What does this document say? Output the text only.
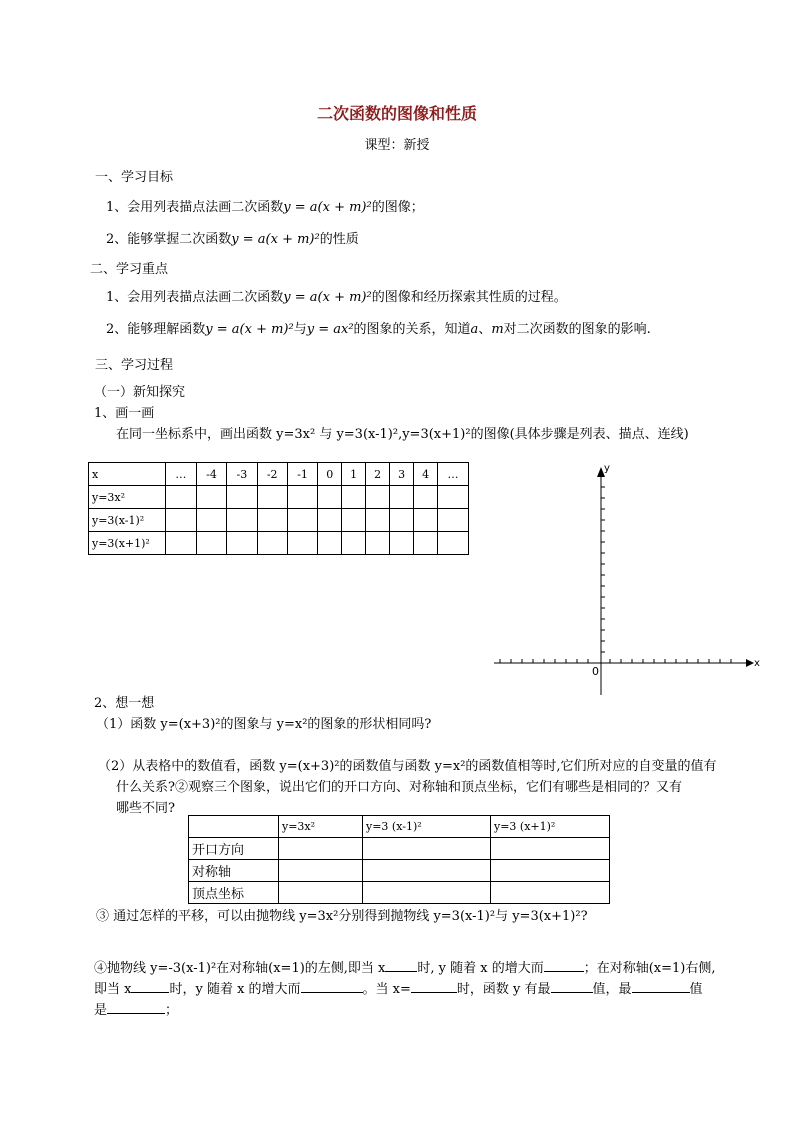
二次函数的图像和性质
课型：新授
一、学习目标
1、会用列表描点法画二次函数y = a(x + m)²的图像；
2、能够掌握二次函数y = a(x + m)²的性质
二、学习重点
1、会用列表描点法画二次函数y = a(x + m)²的图像和经历探索其性质的过程。
2、能够理解函数y = a(x + m)²与y = ax²的图象的关系，知道a、m对二次函数的图象的影响.
三、学习过程
（一）新知探究
1、画一画
在同一坐标系中，画出函数 y=3x² 与 y=3(x-1)²,y=3(x+1)²的图像(具体步骤是列表、描点、连线)
x	…	-4	-3	-2	-1	0	1	2	3	4	…
y=3x²											
y=3(x-1)²											
y=3(x+1)²											
x
y
0
2、想一想
（1）函数 y=(x+3)²的图象与 y=x²的图象的形状相同吗?
（2）从表格中的数值看，函数 y=(x+3)²的函数值与函数 y=x²的函数值相等时,它们所对应的自变量的值有
什么关系?②观察三个图象，说出它们的开口方向、对称轴和顶点坐标，它们有哪些是相同的？又有
哪些不同?
	y=3x²	y=3 (x-1)²	y=3 (x+1)²
开口方向			
对称轴			
顶点坐标			
③ 通过怎样的平移，可以由抛物线 y=3x²分别得到抛物线 y=3(x-1)²与 y=3(x+1)²?
④抛物线 y=-3(x-1)²在对称轴(x=1)的左侧,即当 x 时, y 随着 x 的增大而	；在对称轴(x=1)右侧,
即当 x	时，y 随着 x 的增大而	。当 x=	时，函数 y 有最	值，最	值
是	；
